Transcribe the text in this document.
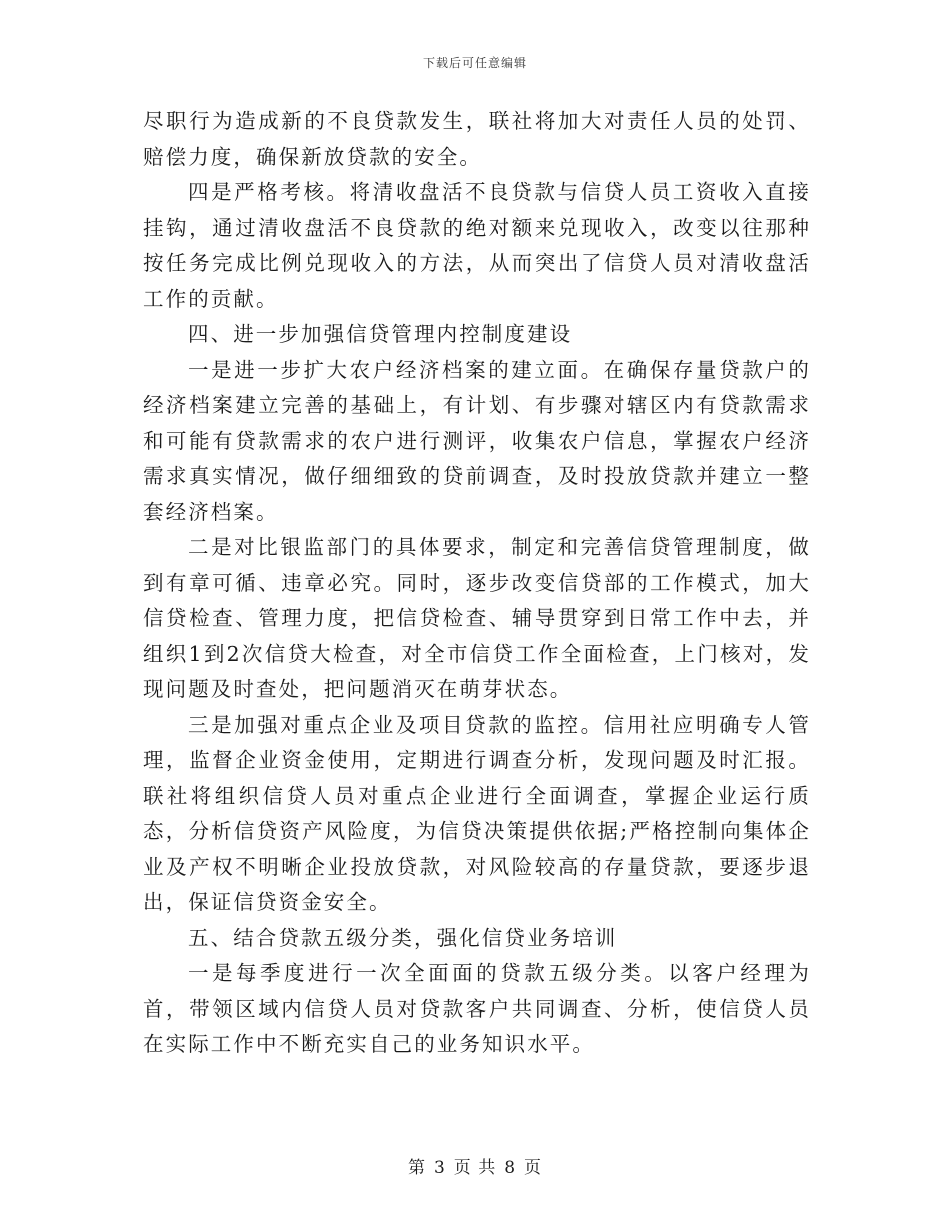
下载后可任意编辑

尽职行为造成新的不良贷款发生，联社将加大对责任人员的处罚、赔偿力度，确保新放贷款的安全。

四是严格考核。将清收盘活不良贷款与信贷人员工资收入直接挂钩，通过清收盘活不良贷款的绝对额来兑现收入，改变以往那种按任务完成比例兑现收入的方法，从而突出了信贷人员对清收盘活工作的贡献。

四、进一步加强信贷管理内控制度建设

一是进一步扩大农户经济档案的建立面。在确保存量贷款户的经济档案建立完善的基础上，有计划、有步骤对辖区内有贷款需求和可能有贷款需求的农户进行测评，收集农户信息，掌握农户经济需求真实情况，做仔细细致的贷前调查，及时投放贷款并建立一整套经济档案。

二是对比银监部门的具体要求，制定和完善信贷管理制度，做到有章可循、违章必究。同时，逐步改变信贷部的工作模式，加大信贷检查、管理力度，把信贷检查、辅导贯穿到日常工作中去，并组织1到2次信贷大检查，对全市信贷工作全面检查，上门核对，发现问题及时查处，把问题消灭在萌芽状态。

三是加强对重点企业及项目贷款的监控。信用社应明确专人管理，监督企业资金使用，定期进行调查分析，发现问题及时汇报。联社将组织信贷人员对重点企业进行全面调查，掌握企业运行质态，分析信贷资产风险度，为信贷决策提供依据;严格控制向集体企业及产权不明晰企业投放贷款，对风险较高的存量贷款，要逐步退出，保证信贷资金安全。

五、结合贷款五级分类，强化信贷业务培训

一是每季度进行一次全面面的贷款五级分类。以客户经理为首，带领区域内信贷人员对贷款客户共同调查、分析，使信贷人员在实际工作中不断充实自己的业务知识水平。

第 3 页 共 8 页
